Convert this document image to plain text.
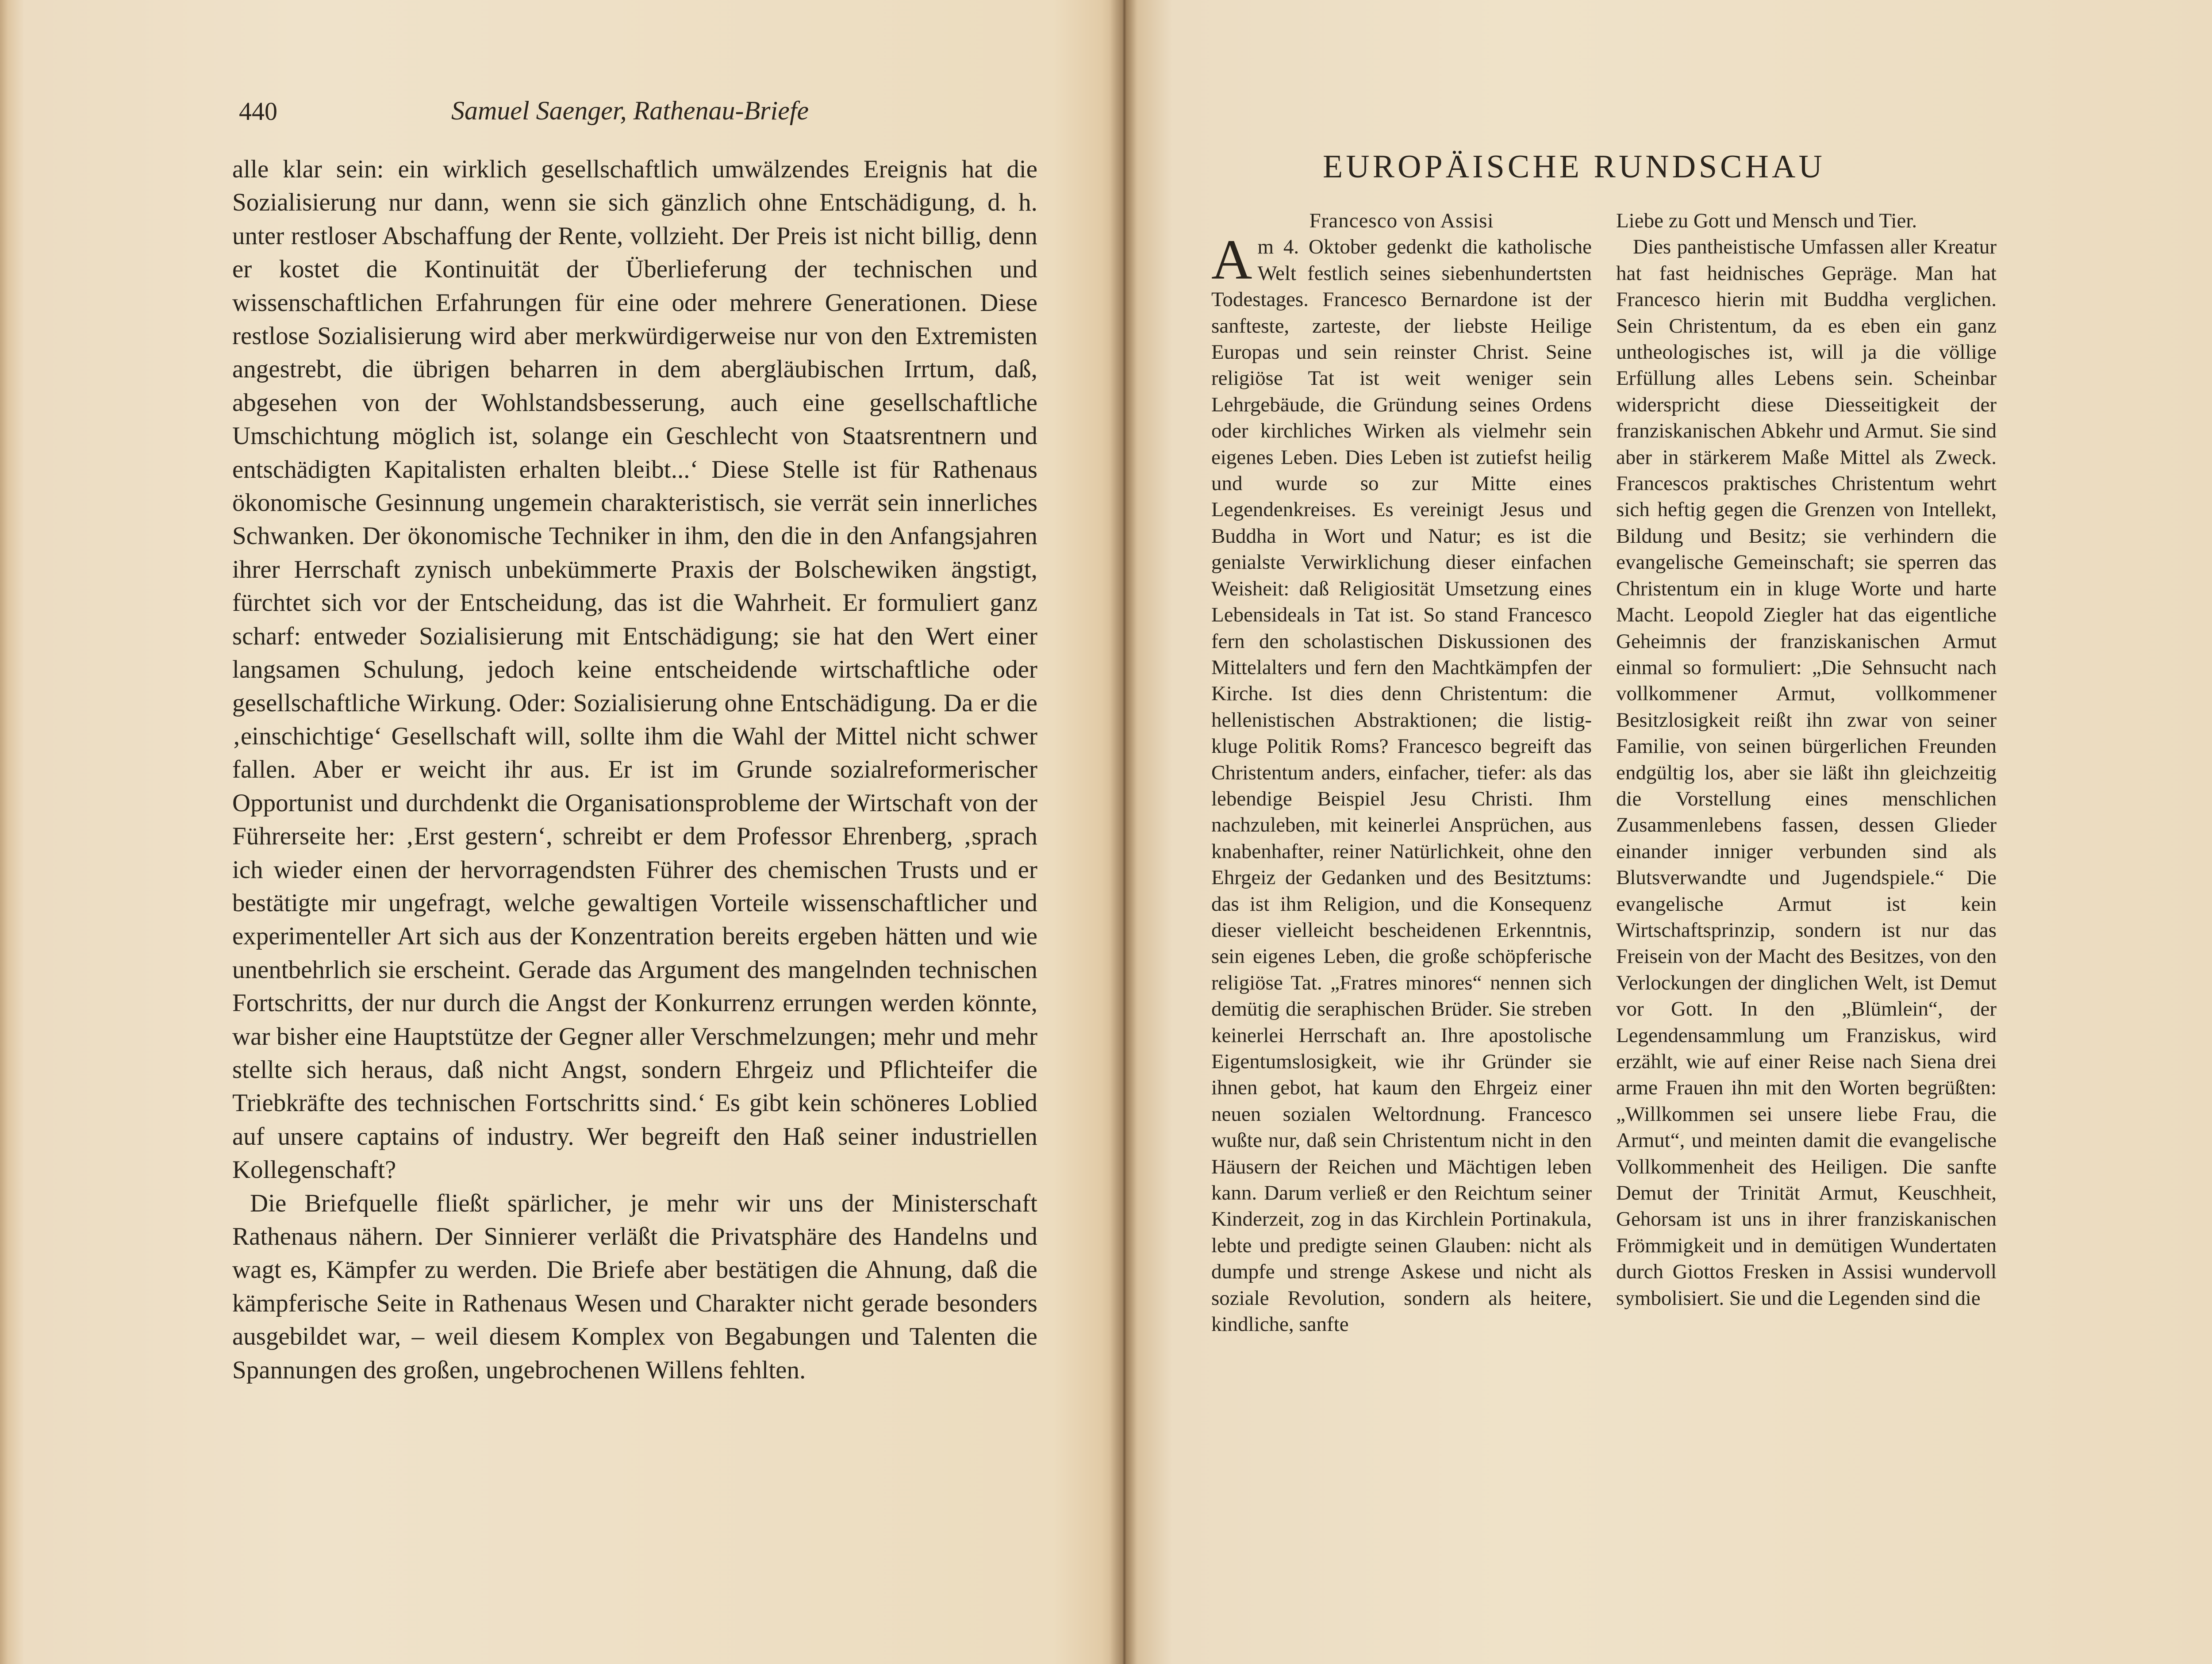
440	Samuel Saenger, Rathenau-Briefe

alle klar sein: ein wirklich gesellschaftlich umwälzendes Ereignis hat die Sozialisierung nur dann, wenn sie sich gänzlich ohne Entschädigung, d. h. unter restloser Abschaffung der Rente, vollzieht. Der Preis ist nicht billig, denn er kostet die Kontinuität der Überlieferung der technischen und wissenschaftlichen Erfahrungen für eine oder mehrere Generationen. Diese restlose Sozialisierung wird aber merkwürdigerweise nur von den Extremisten angestrebt, die übrigen beharren in dem abergläubischen Irrtum, daß, abgesehen von der Wohlstandsbesserung, auch eine gesellschaftliche Umschichtung möglich ist, solange ein Geschlecht von Staatsrentnern und entschädigten Kapitalisten erhalten bleibt...‘ Diese Stelle ist für Rathenaus ökonomische Gesinnung ungemein charakteristisch, sie verrät sein innerliches Schwanken. Der ökonomische Techniker in ihm, den die in den Anfangsjahren ihrer Herrschaft zynisch unbekümmerte Praxis der Bolschewiken ängstigt, fürchtet sich vor der Entscheidung, das ist die Wahrheit. Er formuliert ganz scharf: entweder Sozialisierung mit Entschädigung; sie hat den Wert einer langsamen Schulung, jedoch keine entscheidende wirtschaftliche oder gesellschaftliche Wirkung. Oder: Sozialisierung ohne Entschädigung. Da er die ‚einschichtige‘ Gesellschaft will, sollte ihm die Wahl der Mittel nicht schwer fallen. Aber er weicht ihr aus. Er ist im Grunde sozialreformerischer Opportunist und durchdenkt die Organisationsprobleme der Wirtschaft von der Führerseite her: ‚Erst gestern‘, schreibt er dem Professor Ehrenberg, ‚sprach ich wieder einen der hervorragendsten Führer des chemischen Trusts und er bestätigte mir ungefragt, welche gewaltigen Vorteile wissenschaftlicher und experimenteller Art sich aus der Konzentration bereits ergeben hätten und wie unentbehrlich sie erscheint. Gerade das Argument des mangelnden technischen Fortschritts, der nur durch die Angst der Konkurrenz errungen werden könnte, war bisher eine Hauptstütze der Gegner aller Verschmelzungen; mehr und mehr stellte sich heraus, daß nicht Angst, sondern Ehrgeiz und Pflichteifer die Triebkräfte des technischen Fortschritts sind.‘ Es gibt kein schöneres Loblied auf unsere captains of industry. Wer begreift den Haß seiner industriellen Kollegenschaft?

Die Briefquelle fließt spärlicher, je mehr wir uns der Ministerschaft Rathenaus nähern. Der Sinnierer verläßt die Privatsphäre des Handelns und wagt es, Kämpfer zu werden. Die Briefe aber bestätigen die Ahnung, daß die kämpferische Seite in Rathenaus Wesen und Charakter nicht gerade besonders ausgebildet war, – weil diesem Komplex von Begabungen und Talenten die Spannungen des großen, ungebrochenen Willens fehlten.

EUROPÄISCHE RUNDSCHAU

Francesco von Assisi

Am 4. Oktober gedenkt die katholische Welt festlich seines siebenhundertsten Todestages. Francesco Bernardone ist der sanfteste, zarteste, der liebste Heilige Europas und sein reinster Christ. Seine religiöse Tat ist weit weniger sein Lehrgebäude, die Gründung seines Ordens oder kirchliches Wirken als vielmehr sein eigenes Leben. Dies Leben ist zutiefst heilig und wurde so zur Mitte eines Legendenkreises. Es vereinigt Jesus und Buddha in Wort und Natur; es ist die genialste Verwirklichung dieser einfachen Weisheit: daß Religiosität Umsetzung eines Lebensideals in Tat ist. So stand Francesco fern den scholastischen Diskussionen des Mittelalters und fern den Machtkämpfen der Kirche. Ist dies denn Christentum: die hellenistischen Abstraktionen; die listig-kluge Politik Roms? Francesco begreift das Christentum anders, einfacher, tiefer: als das lebendige Beispiel Jesu Christi. Ihm nachzuleben, mit keinerlei Ansprüchen, aus knabenhafter, reiner Natürlichkeit, ohne den Ehrgeiz der Gedanken und des Besitztums: das ist ihm Religion, und die Konsequenz dieser vielleicht bescheidenen Erkenntnis, sein eigenes Leben, die große schöpferische religiöse Tat. „Fratres minores“ nennen sich demütig die seraphischen Brüder. Sie streben keinerlei Herrschaft an. Ihre apostolische Eigentumslosigkeit, wie ihr Gründer sie ihnen gebot, hat kaum den Ehrgeiz einer neuen sozialen Weltordnung. Francesco wußte nur, daß sein Christentum nicht in den Häusern der Reichen und Mächtigen leben kann. Darum verließ er den Reichtum seiner Kinderzeit, zog in das Kirchlein Portinakula, lebte und predigte seinen Glauben: nicht als dumpfe und strenge Askese und nicht als soziale Revolution, sondern als heitere, kindliche, sanfte

Liebe zu Gott und Mensch und Tier.

Dies pantheistische Umfassen aller Kreatur hat fast heidnisches Gepräge. Man hat Francesco hierin mit Buddha verglichen. Sein Christentum, da es eben ein ganz untheologisches ist, will ja die völlige Erfüllung alles Lebens sein. Scheinbar widerspricht diese Diesseitigkeit der franziskanischen Abkehr und Armut. Sie sind aber in stärkerem Maße Mittel als Zweck. Francescos praktisches Christentum wehrt sich heftig gegen die Grenzen von Intellekt, Bildung und Besitz; sie verhindern die evangelische Gemeinschaft; sie sperren das Christentum ein in kluge Worte und harte Macht. Leopold Ziegler hat das eigentliche Geheimnis der franziskanischen Armut einmal so formuliert: „Die Sehnsucht nach vollkommener Armut, vollkommener Besitzlosigkeit reißt ihn zwar von seiner Familie, von seinen bürgerlichen Freunden endgültig los, aber sie läßt ihn gleichzeitig die Vorstellung eines menschlichen Zusammenlebens fassen, dessen Glieder einander inniger verbunden sind als Blutsverwandte und Jugendspiele.“ Die evangelische Armut ist kein Wirtschaftsprinzip, sondern ist nur das Freisein von der Macht des Besitzes, von den Verlockungen der dinglichen Welt, ist Demut vor Gott. In den „Blümlein“, der Legendensammlung um Franziskus, wird erzählt, wie auf einer Reise nach Siena drei arme Frauen ihn mit den Worten begrüßten: „Willkommen sei unsere liebe Frau, die Armut“, und meinten damit die evangelische Vollkommenheit des Heiligen. Die sanfte Demut der Trinität Armut, Keuschheit, Gehorsam ist uns in ihrer franziskanischen Frömmigkeit und in demütigen Wundertaten durch Giottos Fresken in Assisi wundervoll symbolisiert. Sie und die Legenden sind die
